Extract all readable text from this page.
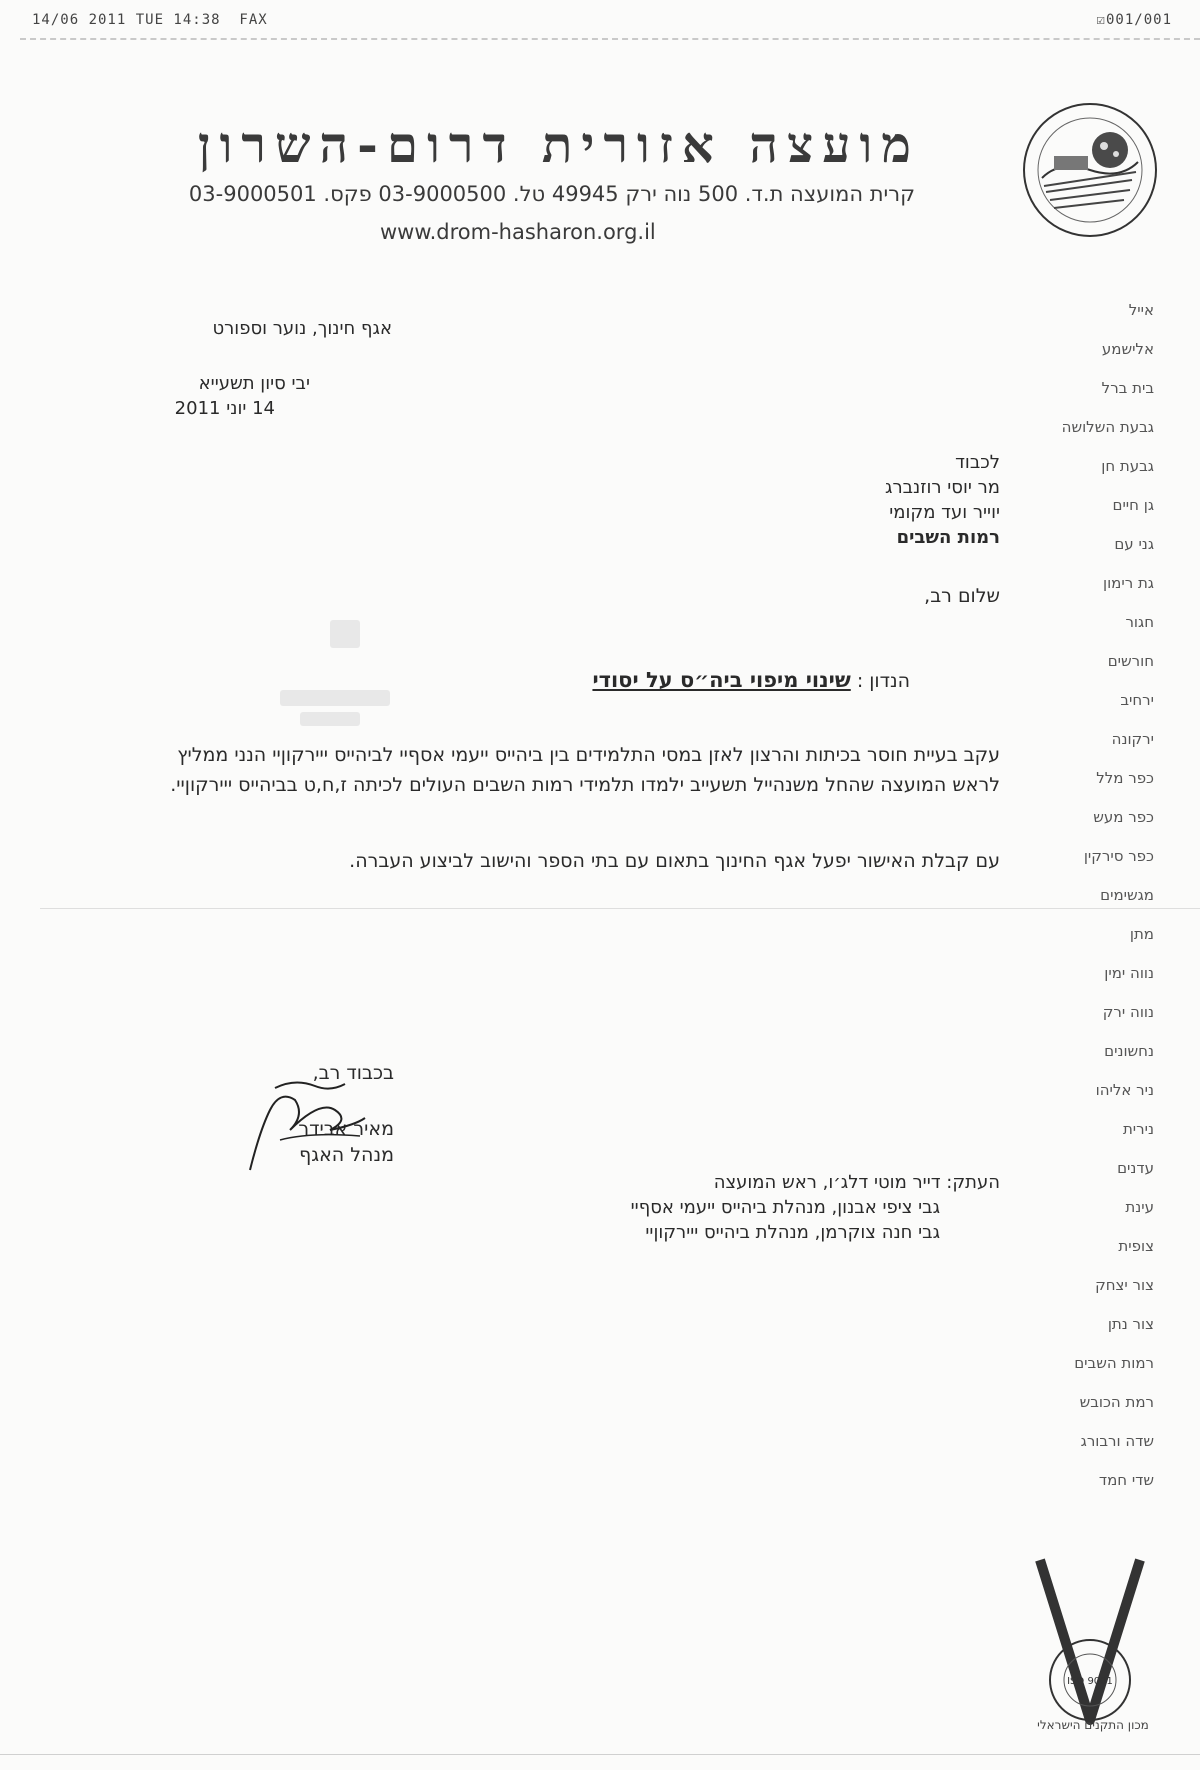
14/06 2011 TUE 14:38  FAX	☑001/001
מועצה אזורית דרום-השרון
קרית המועצה ת.ד. 500 נוה ירק 49945 טל. 03-9000500 פקס. 03-9000501
www.drom-hasharon.org.il
אייל
אלישמע
בית ברל
גבעת השלושה
גבעת חן
גן חיים
גני עם
גת רימון
חגור
חורשים
ירחיב
ירקונה
כפר מלל
כפר מעש
כפר סירקין
מגשימים
מתן
נווה ימין
נווה ירק
נחשונים
ניר אליהו
נירית
עדנים
עינת
צופית
צור יצחק
צור נתן
רמות השבים
רמת הכובש
שדה ורבורג
שדי חמד
אגף חינוך, נוער וספורט
יבי סיון תשעייא
14 יוני 2011
לכבוד
מר יוסי רוזנברג
יוייר ועד מקומי
רמות השבים
שלום רב,
הנדון : שינוי מיפוי ביה״ס על יסודי
עקב בעיית חוסר בכיתות והרצון לאזן במסי התלמידים בין ביהייס ייעמי אסףיי לביהייס ייירקוןיי הנני ממליץ לראש המועצה שהחל משנהייל תשעייב ילמדו תלמידי רמות השבים העולים לכיתה ז,ח,ט בביהייס ייירקוןיי.
עם קבלת האישור יפעל אגף החינוך בתאום עם בתי הספר והישוב לביצוע העברה.
בכבוד רב,
מאיר אבידר
מנהל האגף
העתק: דייר מוטי דלג׳ו, ראש המועצה
גבי ציפי אבנון, מנהלת ביהייס ייעמי אסףיי
גבי חנה צוקרמן, מנהלת ביהייס ייירקוןיי
ISO 9001
מכון התקנים הישראלי
